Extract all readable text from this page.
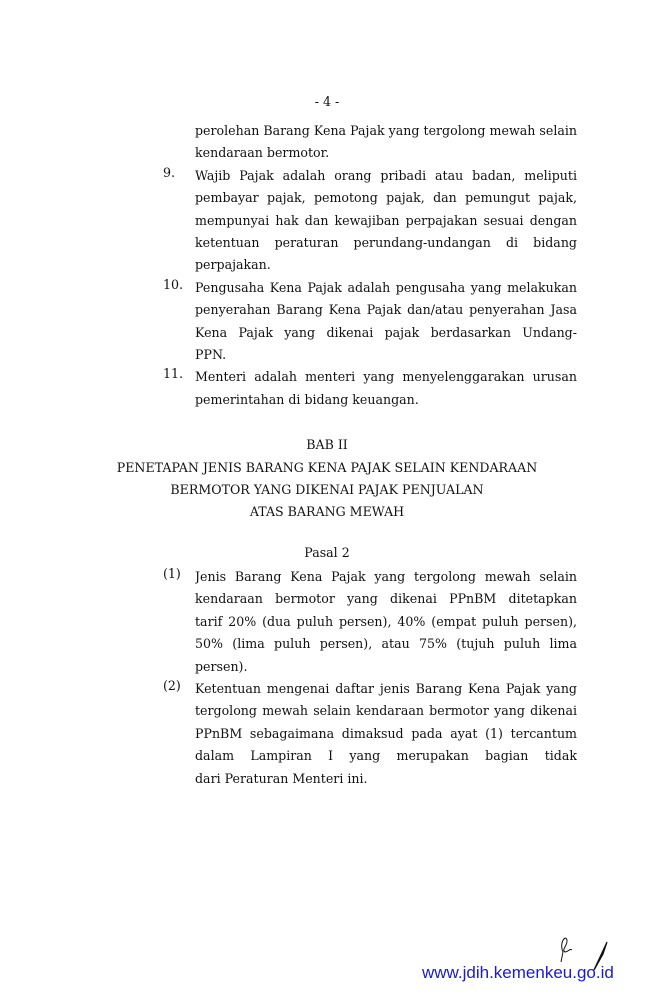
- 4 -
perolehan Barang Kena Pajak yang tergolong mewah selain
kendaraan bermotor.
9. Wajib Pajak adalah orang pribadi atau badan, meliputi
pembayar pajak, pemotong pajak, dan pemungut pajak,
mempunyai hak dan kewajiban perpajakan sesuai dengan
ketentuan peraturan perundang-undangan di bidang
perpajakan.
10. Pengusaha Kena Pajak adalah pengusaha yang melakukan
penyerahan Barang Kena Pajak dan/atau penyerahan Jasa
Kena Pajak yang dikenai pajak berdasarkan Undang-
PPN.
11. Menteri adalah menteri yang menyelenggarakan urusan
pemerintahan di bidang keuangan.
BAB II
PENETAPAN JENIS BARANG KENA PAJAK SELAIN KENDARAAN
BERMOTOR YANG DIKENAI PAJAK PENJUALAN
ATAS BARANG MEWAH
Pasal 2
(1) Jenis Barang Kena Pajak yang tergolong mewah selain
kendaraan bermotor yang dikenai PPnBM ditetapkan
tarif 20% (dua puluh persen), 40% (empat puluh persen),
50% (lima puluh persen), atau 75% (tujuh puluh lima
persen).
(2) Ketentuan mengenai daftar jenis Barang Kena Pajak yang
tergolong mewah selain kendaraan bermotor yang dikenai
PPnBM sebagaimana dimaksud pada ayat (1) tercantum
dalam Lampiran I yang merupakan bagian tidak
dari Peraturan Menteri ini.
www.jdih.kemenkeu.go.id
